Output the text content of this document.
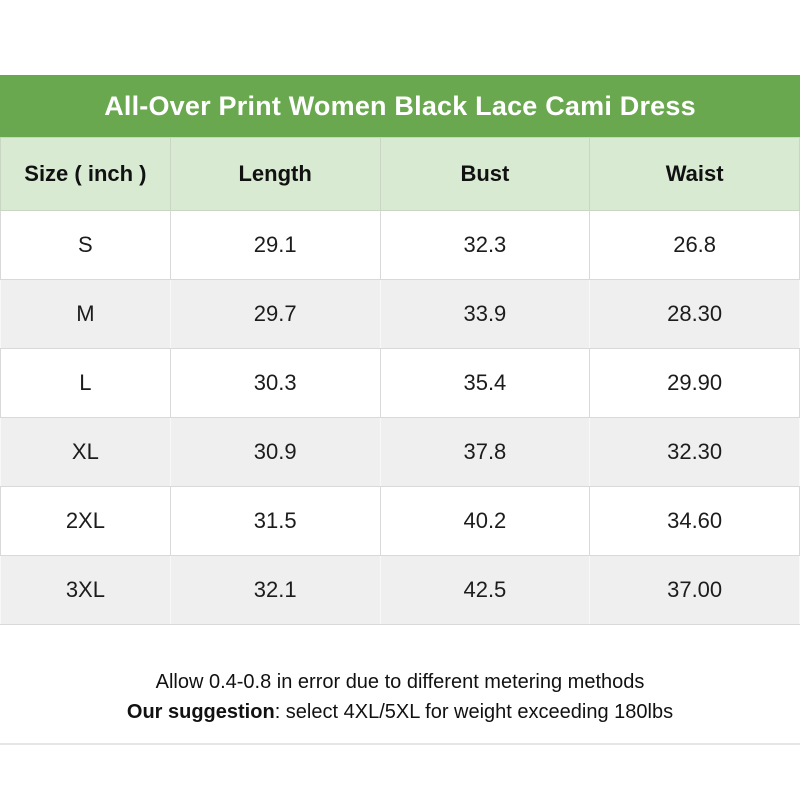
All-Over Print Women Black Lace Cami Dress
Size ( inch )	Length	Bust	Waist
S	29.1	32.3	26.8
M	29.7	33.9	28.30
L	30.3	35.4	29.90
XL	30.9	37.8	32.30
2XL	31.5	40.2	34.60
3XL	32.1	42.5	37.00
Allow 0.4-0.8 in error due to different metering methods
Our suggestion: select 4XL/5XL for weight exceeding 180lbs
